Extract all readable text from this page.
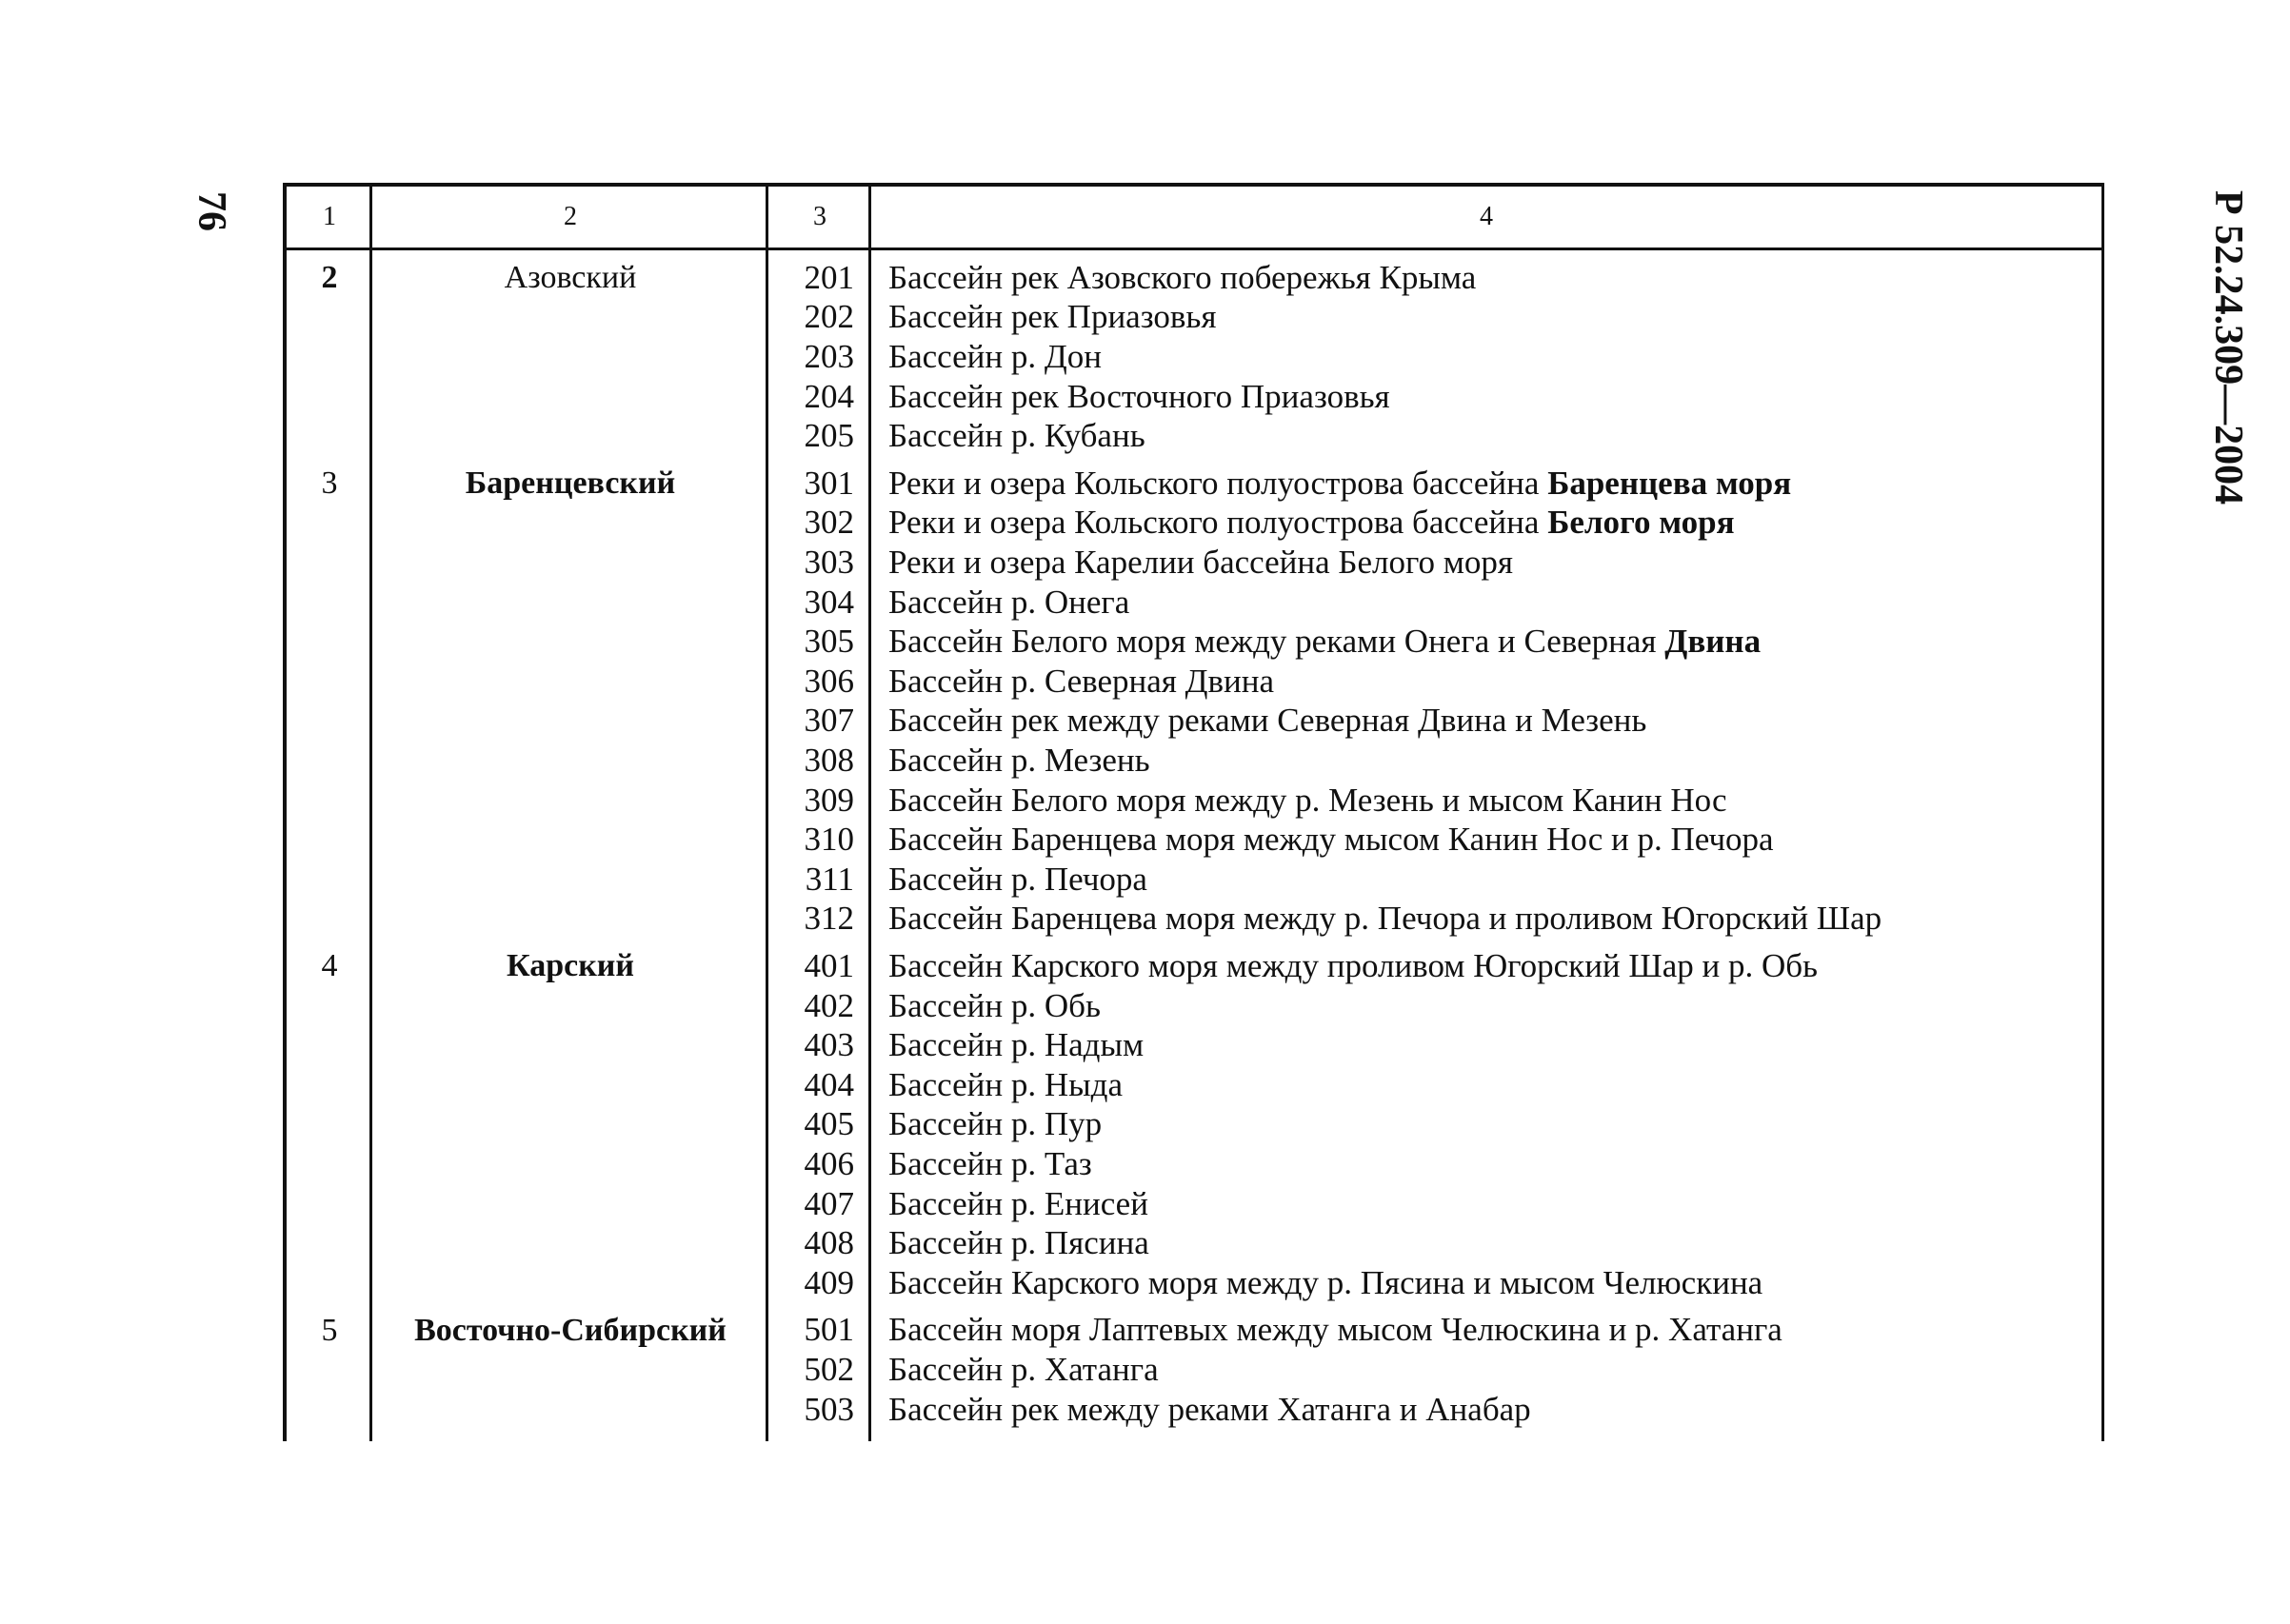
76	Р 52.24.309—2004
1	2	3	4
2	Азовский	201	Бассейн рек Азовского побережья Крыма
202	Бассейн рек Приазовья
203	Бассейн р. Дон
204	Бассейн рек Восточного Приазовья
205	Бассейн р. Кубань
3	Баренцевский	301	Реки и озера Кольского полуострова бассейна Баренцева моря
302	Реки и озера Кольского полуострова бассейна Белого моря
303	Реки и озера Карелии бассейна Белого моря
304	Бассейн р. Онега
305	Бассейн Белого моря между реками Онега и Северная Двина
306	Бассейн р. Северная Двина
307	Бассейн рек между реками Северная Двина и Мезень
308	Бассейн р. Мезень
309	Бассейн Белого моря между р. Мезень и мысом Канин Нос
310	Бассейн Баренцева моря между мысом Канин Нос и р. Печора
311	Бассейн р. Печора
312	Бассейн Баренцева моря между р. Печора и проливом Югорский Шар
4	Карский	401	Бассейн Карского моря между проливом Югорский Шар и р. Обь
402	Бассейн р. Обь
403	Бассейн р. Надым
404	Бассейн р. Ныда
405	Бассейн р. Пур
406	Бассейн р. Таз
407	Бассейн р. Енисей
408	Бассейн р. Пясина
409	Бассейн Карского моря между р. Пясина и мысом Челюскина
5	Восточно-Сибирский	501	Бассейн моря Лаптевых между мысом Челюскина и р. Хатанга
502	Бассейн р. Хатанга
503	Бассейн рек между реками Хатанга и Анабар
